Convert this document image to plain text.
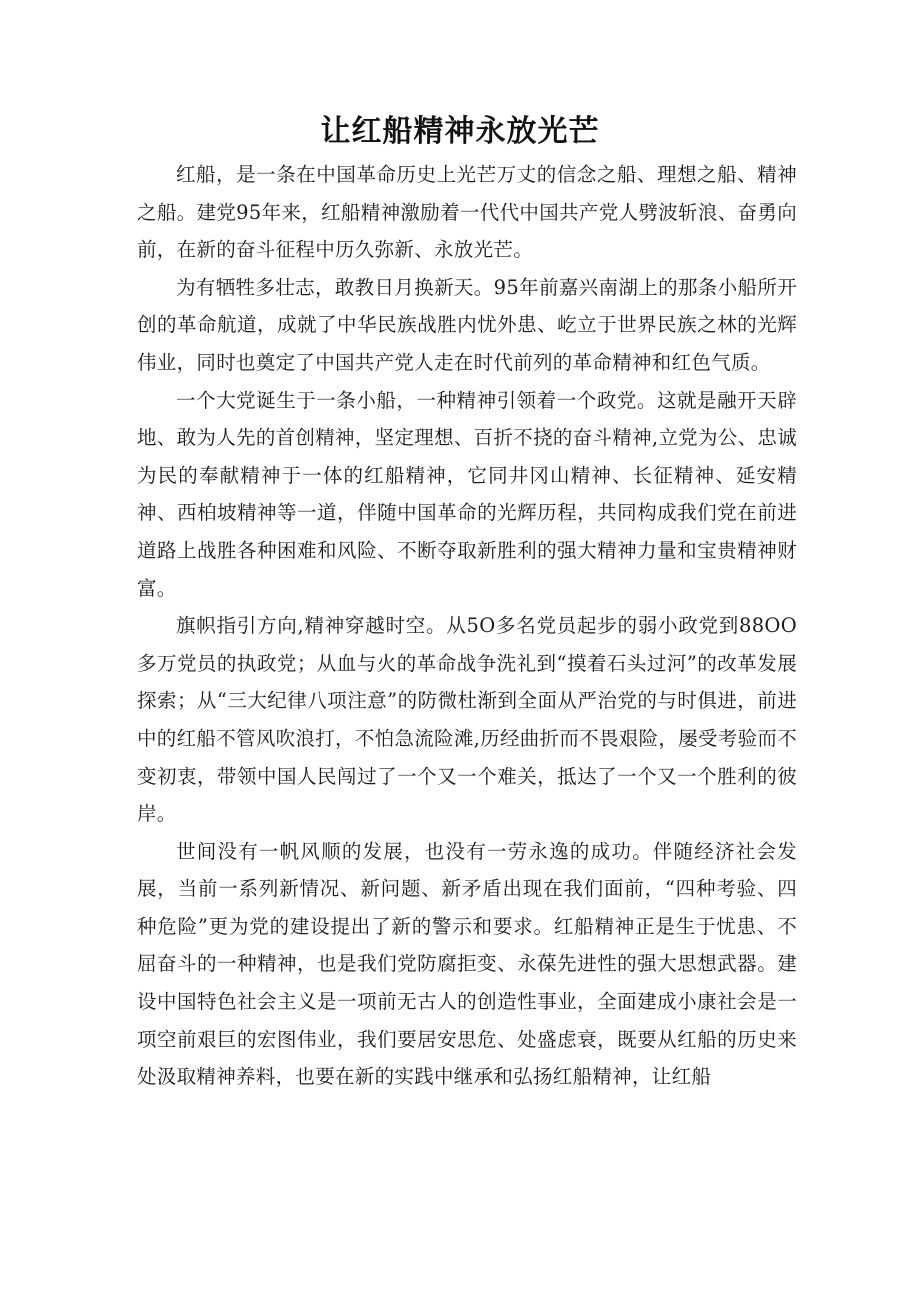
让红船精神永放光芒

红船，是一条在中国革命历史上光芒万丈的信念之船、理想之船、精神之船。建党95年来，红船精神激励着一代代中国共产党人劈波斩浪、奋勇向前，在新的奋斗征程中历久弥新、永放光芒。

为有牺牲多壮志，敢教日月换新天。95年前嘉兴南湖上的那条小船所开创的革命航道，成就了中华民族战胜内忧外患、屹立于世界民族之林的光辉伟业，同时也奠定了中国共产党人走在时代前列的革命精神和红色气质。

一个大党诞生于一条小船，一种精神引领着一个政党。这就是融开天辟地、敢为人先的首创精神，坚定理想、百折不挠的奋斗精神,立党为公、忠诚为民的奉献精神于一体的红船精神，它同井冈山精神、长征精神、延安精神、西柏坡精神等一道，伴随中国革命的光辉历程，共同构成我们党在前进道路上战胜各种困难和风险、不断夺取新胜利的强大精神力量和宝贵精神财富。

旗帜指引方向,精神穿越时空。从5O多名党员起步的弱小政党到88OO多万党员的执政党；从血与火的革命战争洗礼到“摸着石头过河”的改革发展探索；从“三大纪律八项注意”的防微杜渐到全面从严治党的与时俱进，前进中的红船不管风吹浪打，不怕急流险滩,历经曲折而不畏艰险，屡受考验而不变初衷，带领中国人民闯过了一个又一个难关，抵达了一个又一个胜利的彼岸。

世间没有一帆风顺的发展，也没有一劳永逸的成功。伴随经济社会发展，当前一系列新情况、新问题、新矛盾出现在我们面前，“四种考验、四种危险”更为党的建设提出了新的警示和要求。红船精神正是生于忧患、不屈奋斗的一种精神，也是我们党防腐拒变、永葆先进性的强大思想武器。建设中国特色社会主义是一项前无古人的创造性事业，全面建成小康社会是一项空前艰巨的宏图伟业，我们要居安思危、处盛虑衰，既要从红船的历史来处汲取精神养料，也要在新的实践中继承和弘扬红船精神，让红船
